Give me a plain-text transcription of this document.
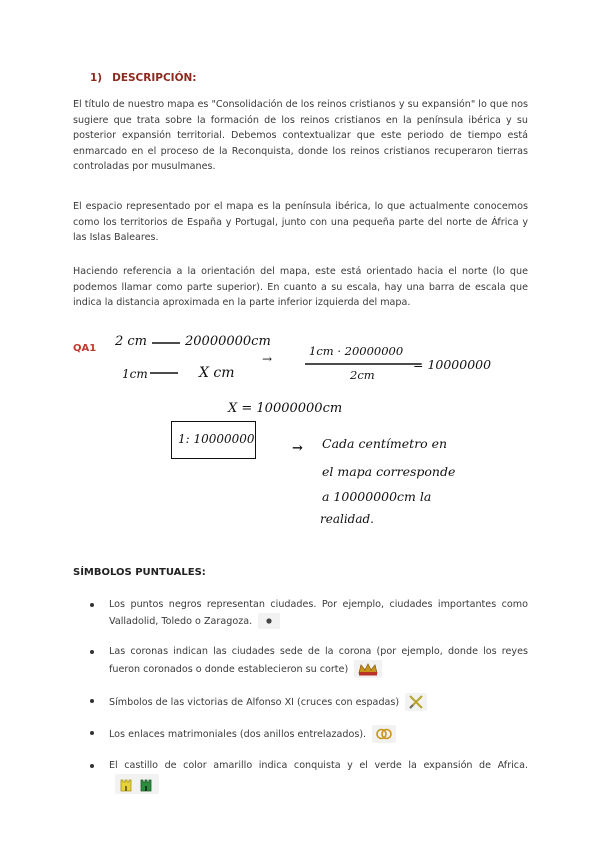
1) DESCRIPCIÓN:

El título de nuestro mapa es "Consolidación de los reinos cristianos y su expansión" lo que nos sugiere que trata sobre la formación de los reinos cristianos en la península ibérica y su posterior expansión territorial. Debemos contextualizar que este periodo de tiempo está enmarcado en el proceso de la Reconquista, donde los reinos cristianos recuperaron tierras controladas por musulmanes.

El espacio representado por el mapa es la península ibérica, lo que actualmente conocemos como los territorios de España y Portugal, junto con una pequeña parte del norte de África y las Islas Baleares.

Haciendo referencia a la orientación del mapa, este está orientado hacia el norte (lo que podemos llamar como parte superior). En cuanto a su escala, hay una barra de escala que indica la distancia aproximada en la parte inferior izquierda del mapa.

QA1 2 cm	20000000cm
1cm	X cm
→
1cm · 20000000
2cm
= 10000000
X = 10000000cm
1: 10000000
→ Cada centímetro en
el mapa corresponde
a 10000000cm la
realidad.
SÍMBOLOS PUNTUALES:
Los puntos negros representan ciudades. Por ejemplo, ciudades importantes como Valladolid, Toledo o Zaragoza.
Las coronas indican las ciudades sede de la corona (por ejemplo, donde los reyes fueron coronados o donde establecieron su corte)
Símbolos de las victorias de Alfonso XI (cruces con espadas)
Los enlaces matrimoniales (dos anillos entrelazados).
El castillo de color amarillo indica conquista y el verde la expansión de Africa.
